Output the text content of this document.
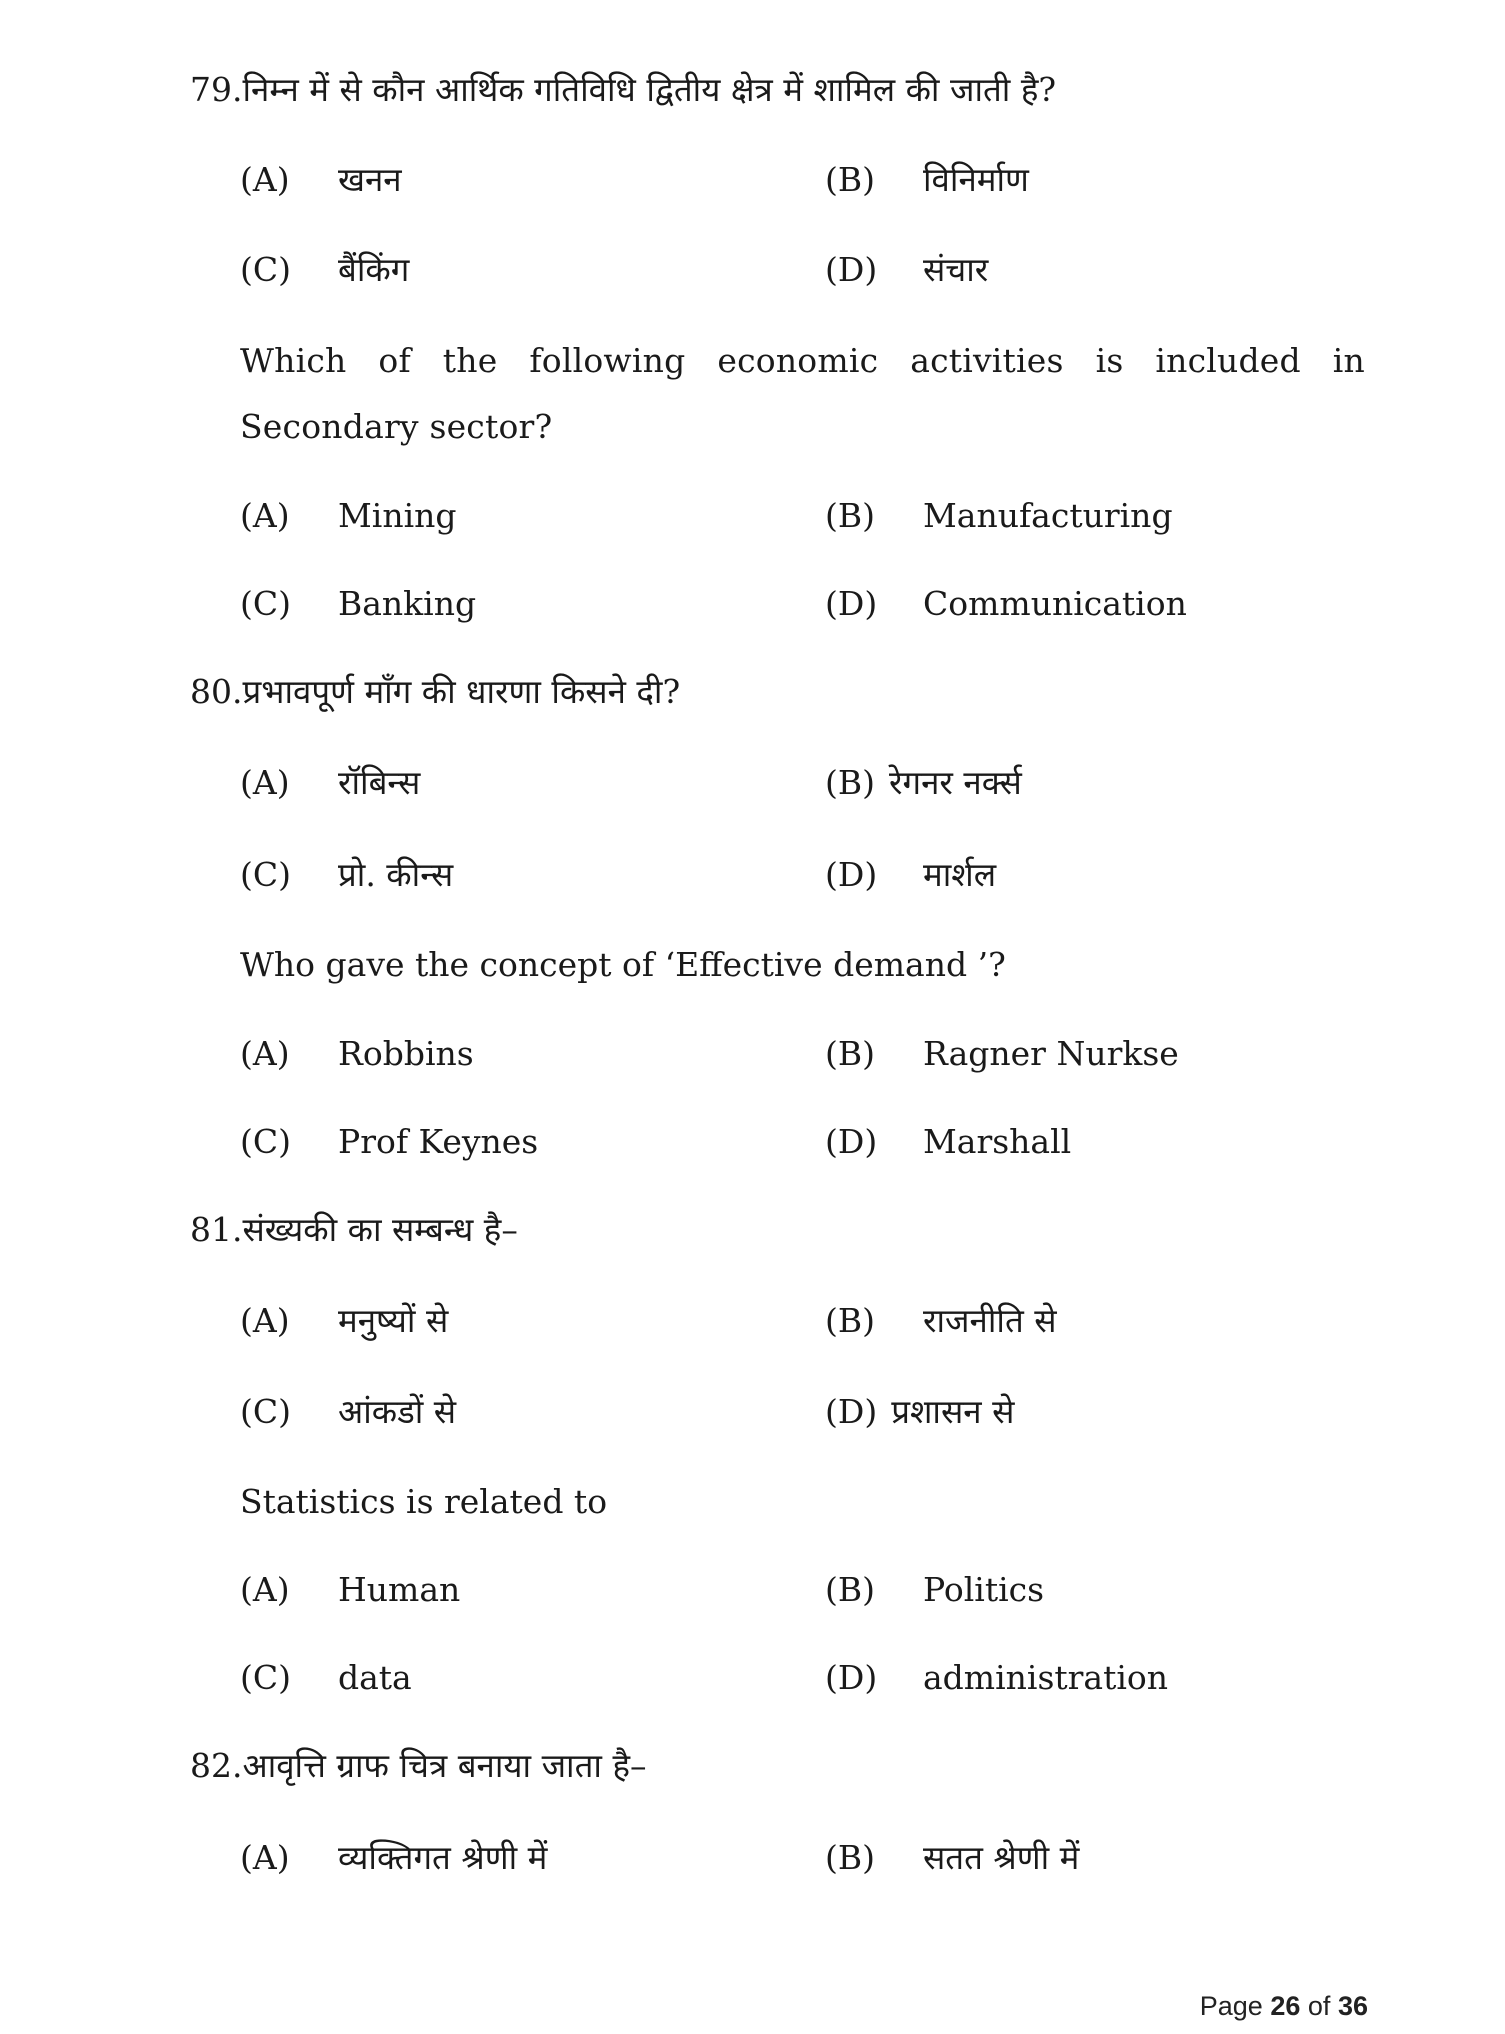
79.निम्न में से कौन आर्थिक गतिविधि द्वितीय क्षेत्र में शामिल की जाती है?
(A) खनन	(B) विनिर्माण
(C) बैंकिंग	(D) संचार
Which of the following economic activities is included in Secondary sector?
(A) Mining	(B) Manufacturing
(C) Banking	(D) Communication
80.प्रभावपूर्ण माँग की धारणा किसने दी?
(A) रॉबिन्स	(B) रेगनर नर्क्स
(C) प्रो. कीन्स	(D) मार्शल
Who gave the concept of ‘Effective demand ’?
(A) Robbins	(B) Ragner Nurkse
(C) Prof Keynes	(D) Marshall
81.संख्यकी का सम्बन्ध है–
(A) मनुष्यों से	(B) राजनीति से
(C) आंकडों से	(D) प्रशासन से
Statistics is related to
(A) Human	(B) Politics
(C) data	(D) administration
82.आवृत्ति ग्राफ चित्र बनाया जाता है–
(A) व्यक्तिगत श्रेणी में	(B) सतत श्रेणी में
Page 26 of 36
